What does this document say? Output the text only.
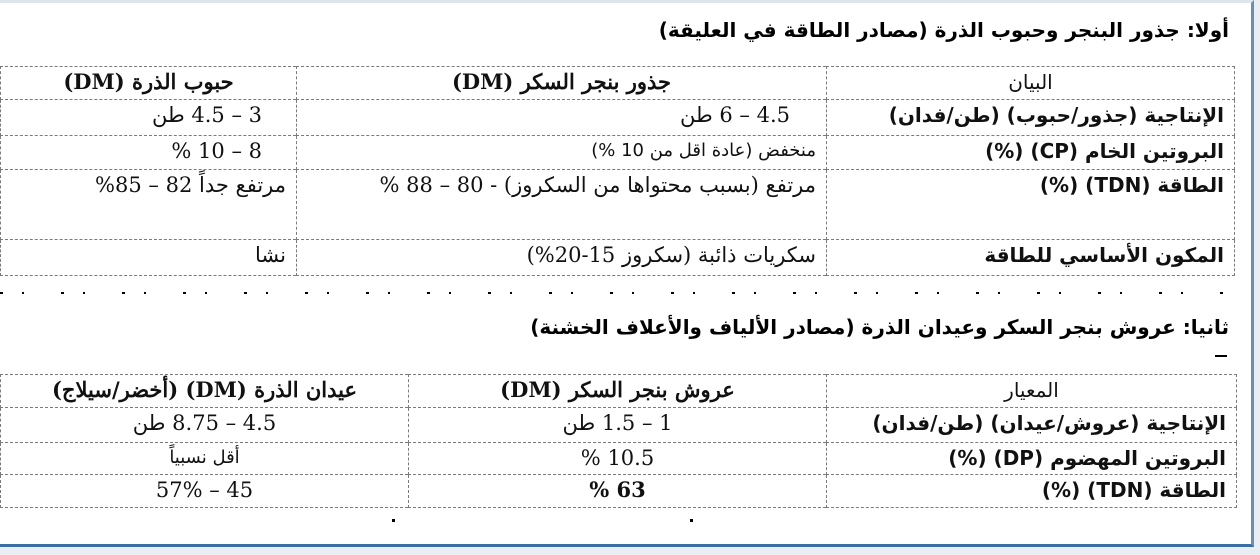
أولا: جذور البنجر وحبوب الذرة (مصادر الطاقة في العليقة)
البيان	جذور بنجر السكر (DM)	حبوب الذرة (DM)
الإنتاجية (جذور/حبوب) (طن/فدان)	4.5 – 6 طن	3 – 4.5 طن
البروتين الخام (CP) (%)	منخفض (عادة اقل من 10 %)	8 – 10 %
الطاقة (TDN) (%)	مرتفع (بسبب محتواها من السكروز) - 80 – 88 %	مرتفع جداً 82 – 85%
المكون الأساسي للطاقة	سكريات ذائبة (سكروز 15-20%)	نشا
ثانيا: عروش بنجر السكر وعيدان الذرة (مصادر الألياف والأعلاف الخشنة)
المعيار	عروش بنجر السكر (DM)	عيدان الذرة (DM) (أخضر/سيلاج)
الإنتاجية (عروش/عيدان) (طن/فدان)	1 – 1.5 طن	4.5 – 8.75 طن
البروتين المهضوم (DP) (%)	10.5 %	أقل نسبياً
الطاقة (TDN) (%)	63 %	45 – 57%
